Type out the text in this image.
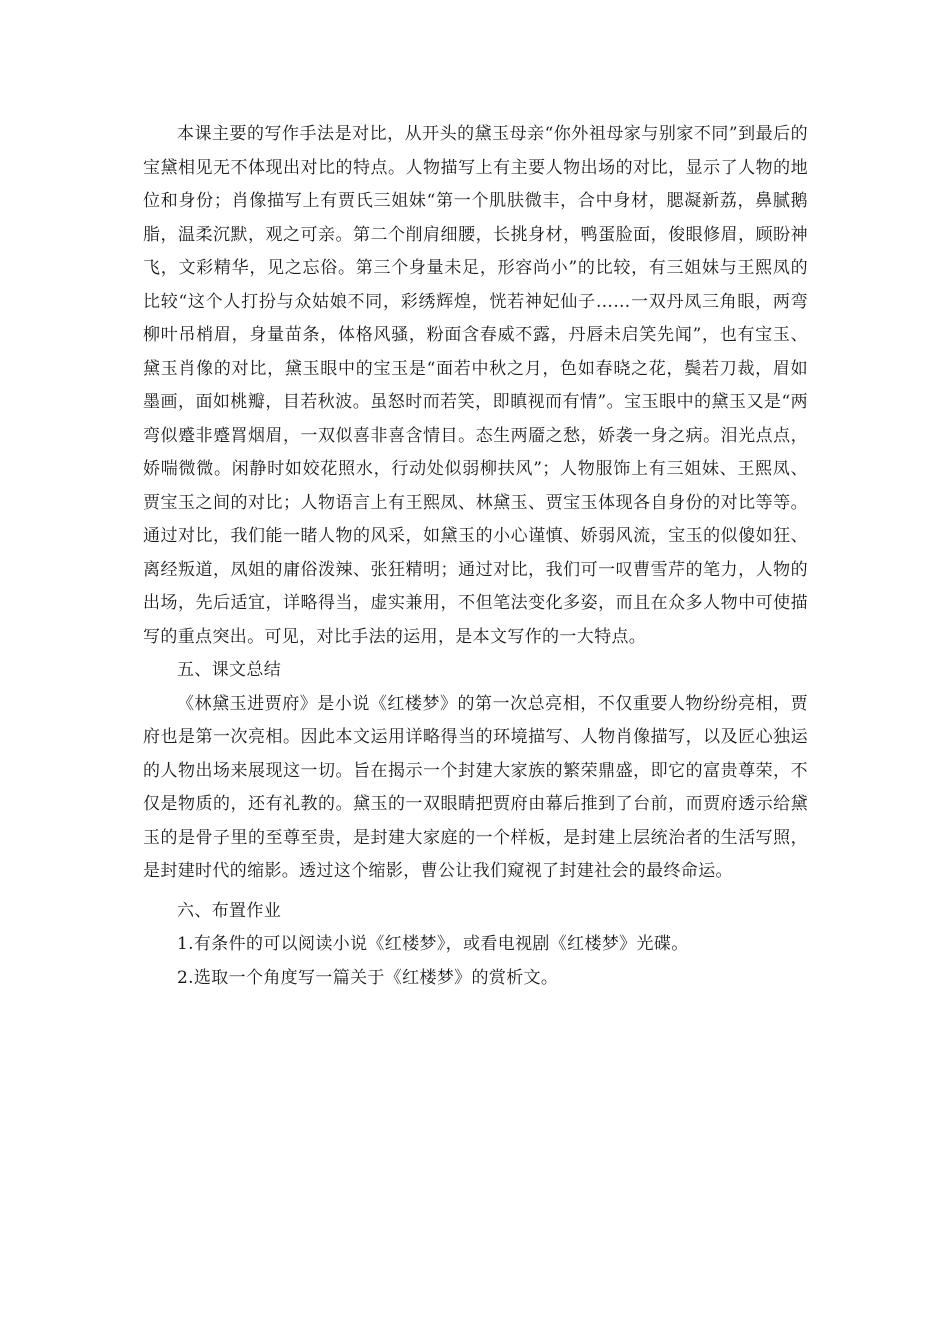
本课主要的写作手法是对比，从开头的黛玉母亲“你外祖母家与别家不同”到最后的宝黛相见无不体现出对比的特点。人物描写上有主要人物出场的对比，显示了人物的地位和身份；肖像描写上有贾氏三姐妹“第一个肌肤微丰，合中身材，腮凝新荔，鼻腻鹅脂，温柔沉默，观之可亲。第二个削肩细腰，长挑身材，鸭蛋脸面，俊眼修眉，顾盼神飞，文彩精华，见之忘俗。第三个身量未足，形容尚小”的比较，有三姐妹与王熙凤的比较“这个人打扮与众姑娘不同，彩绣辉煌，恍若神妃仙子……一双丹凤三角眼，两弯柳叶吊梢眉，身量苗条，体格风骚，粉面含春威不露，丹唇未启笑先闻”，也有宝玉、黛玉肖像的对比，黛玉眼中的宝玉是“面若中秋之月，色如春晓之花，鬓若刀裁，眉如墨画，面如桃瓣，目若秋波。虽怒时而若笑，即瞋视而有情”。宝玉眼中的黛玉又是“两弯似蹙非蹙罥烟眉，一双似喜非喜含情目。态生两靥之愁，娇袭一身之病。泪光点点，娇喘微微。闲静时如姣花照水，行动处似弱柳扶风”；人物服饰上有三姐妹、王熙凤、贾宝玉之间的对比；人物语言上有王熙凤、林黛玉、贾宝玉体现各自身份的对比等等。通过对比，我们能一睹人物的风采，如黛玉的小心谨慎、娇弱风流，宝玉的似傻如狂、离经叛道，凤姐的庸俗泼辣、张狂精明；通过对比，我们可一叹曹雪芹的笔力，人物的出场，先后适宜，详略得当，虚实兼用，不但笔法变化多姿，而且在众多人物中可使描写的重点突出。可见，对比手法的运用，是本文写作的一大特点。

五、课文总结

《林黛玉进贾府》是小说《红楼梦》的第一次总亮相，不仅重要人物纷纷亮相，贾府也是第一次亮相。因此本文运用详略得当的环境描写、人物肖像描写，以及匠心独运的人物出场来展现这一切。旨在揭示一个封建大家族的繁荣鼎盛，即它的富贵尊荣，不仅是物质的，还有礼教的。黛玉的一双眼睛把贾府由幕后推到了台前，而贾府透示给黛玉的是骨子里的至尊至贵，是封建大家庭的一个样板，是封建上层统治者的生活写照，是封建时代的缩影。透过这个缩影，曹公让我们窥视了封建社会的最终命运。

六、布置作业

1.有条件的可以阅读小说《红楼梦》，或看电视剧《红楼梦》光碟。

2.选取一个角度写一篇关于《红楼梦》的赏析文。
